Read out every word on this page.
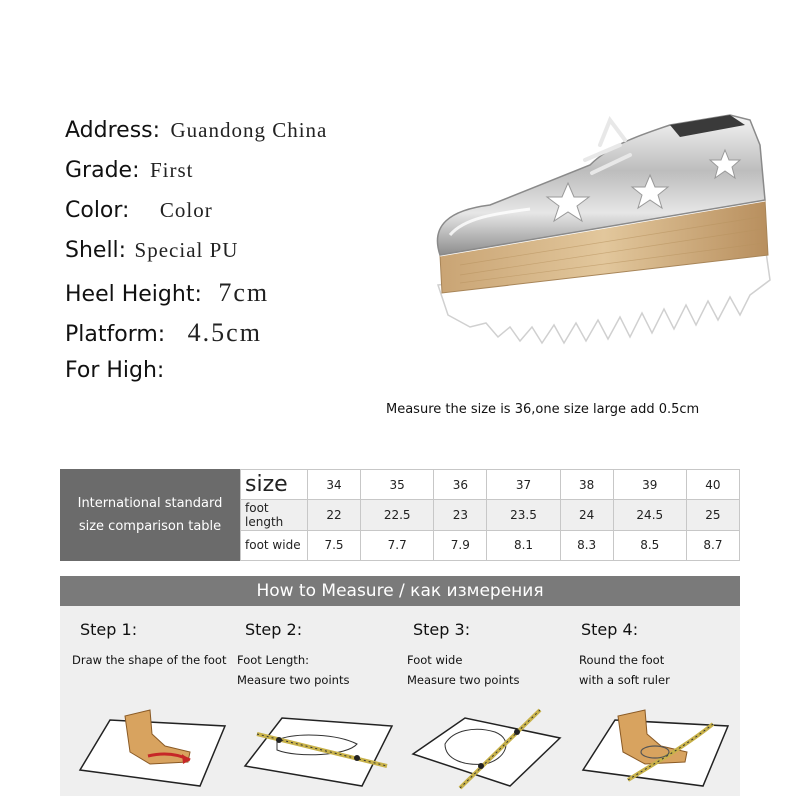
Address: Guandong China
Grade: First
Color: Color
Shell: Special PU
Heel Height: 7cm
Platform: 4.5cm
For High:
Measure the size is 36,one size large add 0.5cm
International standard
size comparison table
size	34	35	36	37	38	39	40
foot length	22	22.5	23	23.5	24	24.5	25
foot wide	7.5	7.7	7.9	8.1	8.3	8.5	8.7
How to Measure / как измерения
Step 1:
Draw the shape of the foot
Step 2:
Foot Length:
Measure two points
Step 3:
Foot wide
Measure two points
Step 4:
Round the foot
with a soft ruler
